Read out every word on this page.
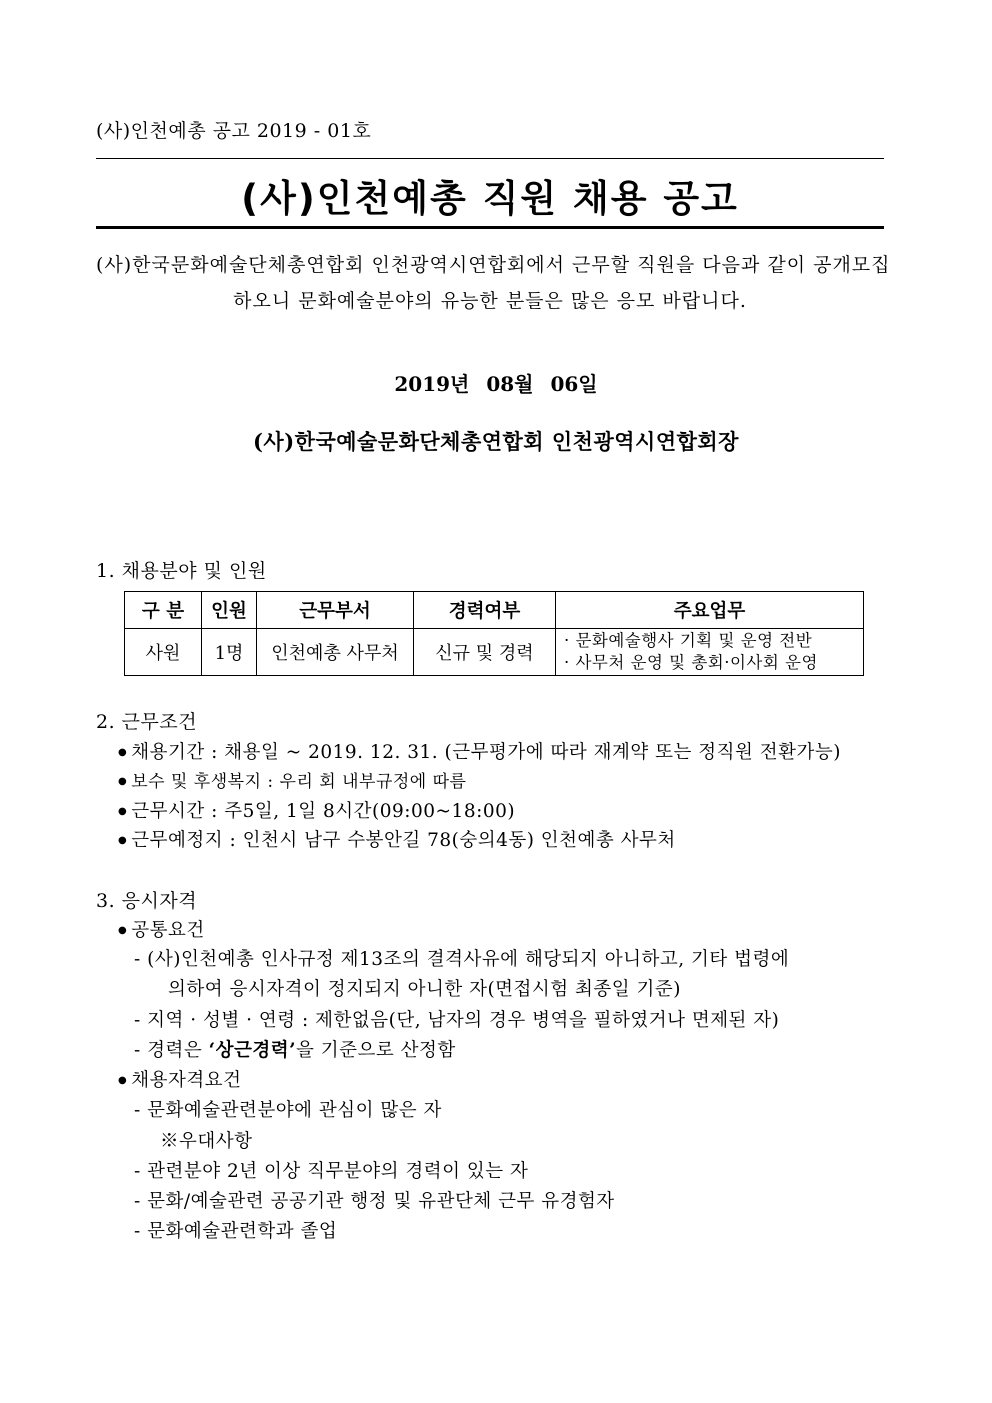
(사)인천예총 공고 2019 - 01호
(사)인천예총 직원 채용 공고
(사)한국문화예술단체총연합회 인천광역시연합회에서 근무할 직원을 다음과 같이 공개모집
하오니 문화예술분야의 유능한 분들은 많은 응모 바랍니다.
2019년 08월 06일
(사)한국예술문화단체총연합회 인천광역시연합회장
1. 채용분야 및 인원
구 분	인원	근무부서	경력여부	주요업무
사원	1명	인천예총 사무처	신규 및 경력	· 문화예술행사 기획 및 운영 전반
· 사무처 운영 및 총회·이사회 운영
2. 근무조건
● 채용기간 : 채용일 ~ 2019. 12. 31. (근무평가에 따라 재계약 또는 정직원 전환가능)
● 보수 및 후생복지 : 우리 회 내부규정에 따름
● 근무시간 : 주5일, 1일 8시간(09:00~18:00)
● 근무예정지 : 인천시 남구 수봉안길 78(숭의4동) 인천예총 사무처
3. 응시자격
● 공통요건
- (사)인천예총 인사규정 제13조의 결격사유에 해당되지 아니하고, 기타 법령에
의하여 응시자격이 정지되지 아니한 자(면접시험 최종일 기준)
- 지역 · 성별 · 연령 : 제한없음(단, 남자의 경우 병역을 필하였거나 면제된 자)
- 경력은 ‘상근경력’을 기준으로 산정함
● 채용자격요건
- 문화예술관련분야에 관심이 많은 자
※우대사항
- 관련분야 2년 이상 직무분야의 경력이 있는 자
- 문화/예술관련 공공기관 행정 및 유관단체 근무 유경험자
- 문화예술관련학과 졸업
